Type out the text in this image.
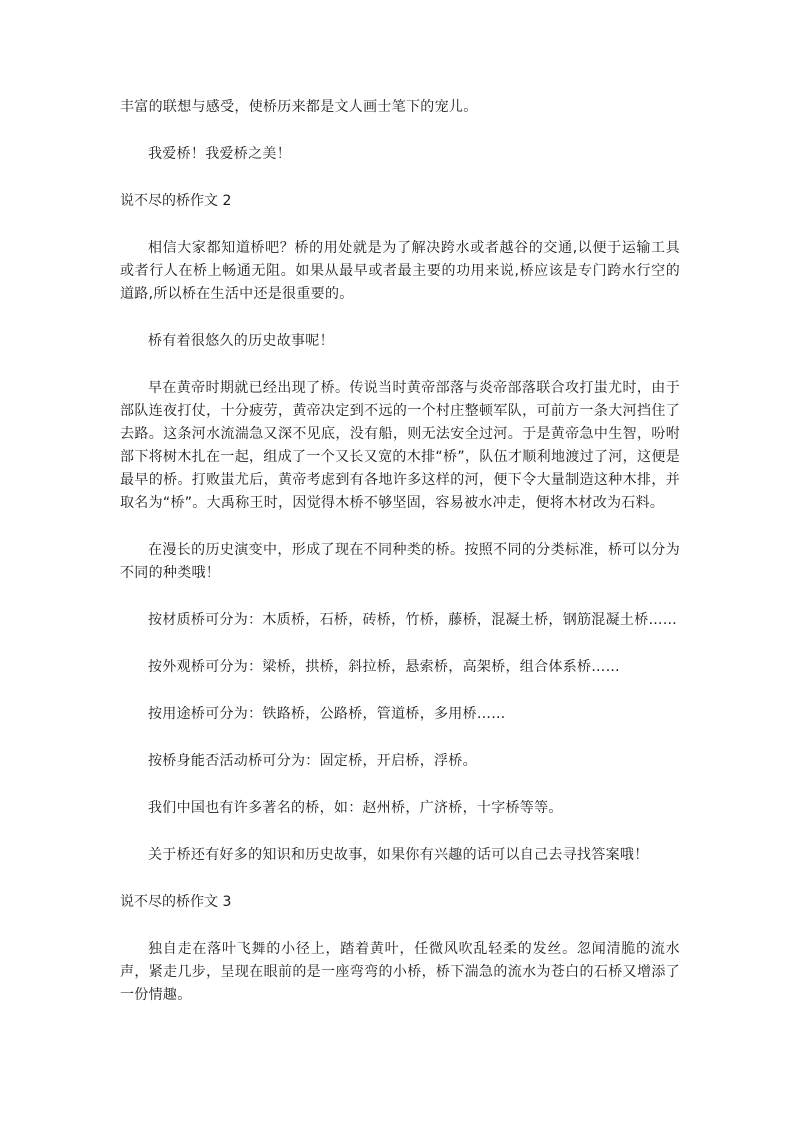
丰富的联想与感受，使桥历来都是文人画士笔下的宠儿。

我爱桥！我爱桥之美！

说不尽的桥作文 2

相信大家都知道桥吧？桥的用处就是为了解决跨水或者越谷的交通,以便于运输工具或者行人在桥上畅通无阻。如果从最早或者最主要的功用来说,桥应该是专门跨水行空的道路,所以桥在生活中还是很重要的。

桥有着很悠久的历史故事呢！

早在黄帝时期就已经出现了桥。传说当时黄帝部落与炎帝部落联合攻打蚩尤时，由于部队连夜打仗，十分疲劳，黄帝决定到不远的一个村庄整顿军队，可前方一条大河挡住了去路。这条河水流湍急又深不见底，没有船，则无法安全过河。于是黄帝急中生智，吩咐部下将树木扎在一起，组成了一个又长又宽的木排“桥”，队伍才顺利地渡过了河，这便是最早的桥。打败蚩尤后，黄帝考虑到有各地许多这样的河，便下令大量制造这种木排，并取名为“桥”。大禹称王时，因觉得木桥不够坚固，容易被水冲走，便将木材改为石料。

在漫长的历史演变中，形成了现在不同种类的桥。按照不同的分类标准，桥可以分为不同的种类哦！

按材质桥可分为：木质桥，石桥，砖桥，竹桥，藤桥，混凝土桥，钢筋混凝土桥……

按外观桥可分为：梁桥，拱桥，斜拉桥，悬索桥，高架桥，组合体系桥……

按用途桥可分为：铁路桥，公路桥，管道桥，多用桥……

按桥身能否活动桥可分为：固定桥，开启桥，浮桥。

我们中国也有许多著名的桥，如：赵州桥，广济桥，十字桥等等。

关于桥还有好多的知识和历史故事，如果你有兴趣的话可以自己去寻找答案哦！

说不尽的桥作文 3

独自走在落叶飞舞的小径上，踏着黄叶，任微风吹乱轻柔的发丝。忽闻清脆的流水声，紧走几步，呈现在眼前的是一座弯弯的小桥，桥下湍急的流水为苍白的石桥又增添了一份情趣。
